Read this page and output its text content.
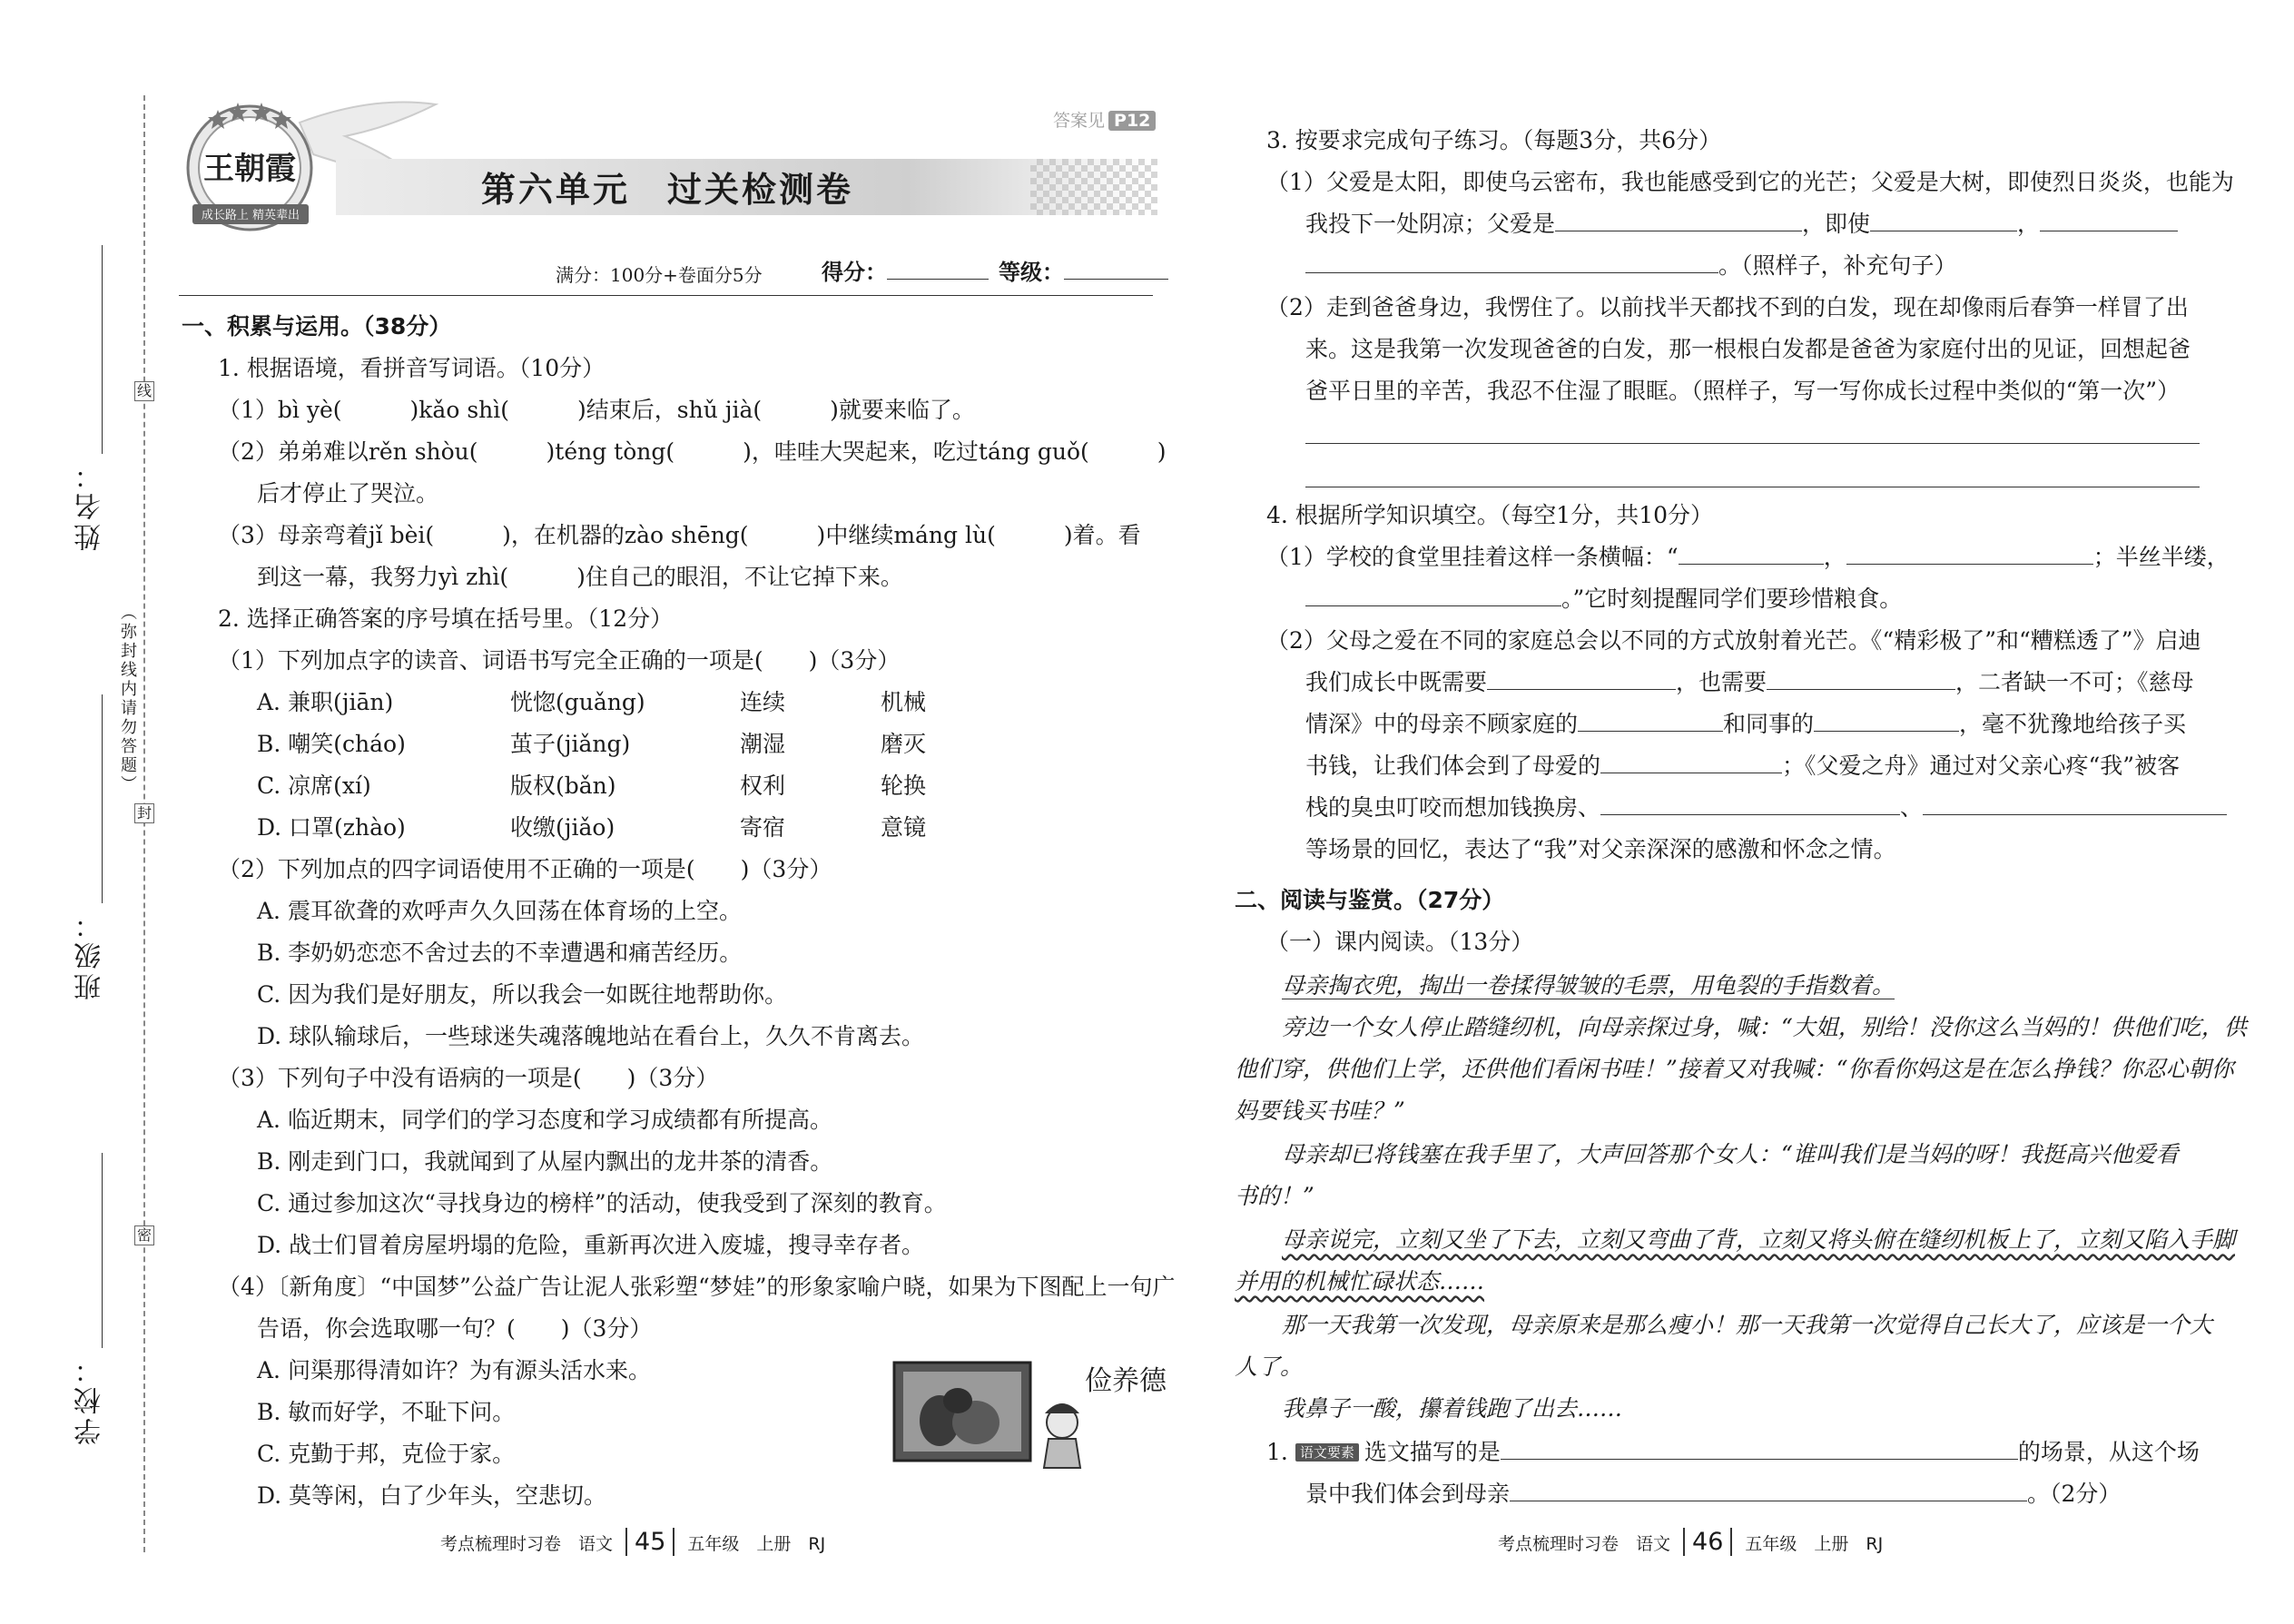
线
封
密
（弥封线内请勿答题）
姓名：
班级：
学校：
成长路上 精英辈出
王朝霞
答案见 P12
第六单元　过关检测卷
满分：100分+卷面分5分	得分：	等级：
一、积累与运用。（38分）
1. 根据语境，看拼音写词语。（10分）
（1）bì yè(　　　)kǎo shì(　　　)结束后，shǔ jià(　　　)就要来临了。
（2）弟弟难以rěn shòu(　　　)téng tòng(　　　)，哇哇大哭起来，吃过táng guǒ(　　　)
后才停止了哭泣。
（3）母亲弯着jǐ bèi(　　　)，在机器的zào shēng(　　　)中继续máng lù(　　　)着。看
到这一幕，我努力yì zhì(　　　)住自己的眼泪，不让它掉下来。
2. 选择正确答案的序号填在括号里。（12分）
（1）下列加点字的读音、词语书写完全正确的一项是(　　)（3分）
A. 兼职(jiān)	恍惚(guǎng)	连续	机械
B. 嘲笑(cháo)	茧子(jiǎng)	潮湿	磨灭
C. 凉席(xí)	版权(bǎn)	权利	轮换
D. 口罩(zhào)	收缴(jiǎo)	寄宿	意镜
（2）下列加点的四字词语使用不正确的一项是(　　)（3分）
A. 震耳欲聋的欢呼声久久回荡在体育场的上空。
B. 李奶奶恋恋不舍过去的不幸遭遇和痛苦经历。
C. 因为我们是好朋友，所以我会一如既往地帮助你。
D. 球队输球后，一些球迷失魂落魄地站在看台上，久久不肯离去。
（3）下列句子中没有语病的一项是(　　)（3分）
A. 临近期末，同学们的学习态度和学习成绩都有所提高。
B. 刚走到门口，我就闻到了从屋内飘出的龙井茶的清香。
C. 通过参加这次“寻找身边的榜样”的活动，使我受到了深刻的教育。
D. 战士们冒着房屋坍塌的危险，重新再次进入废墟，搜寻幸存者。
（4）〔新角度〕“中国梦”公益广告让泥人张彩塑“梦娃”的形象家喻户晓，如果为下图配上一句广
告语，你会选取哪一句？(　　)（3分）
A. 问渠那得清如许？为有源头活水来。
B. 敏而好学，不耻下问。
C. 克勤于邦，克俭于家。
D. 莫等闲，白了少年头，空悲切。
俭养德
考点梳理时习卷　语文 45 五年级　上册　RJ
3. 按要求完成句子练习。（每题3分，共6分）
（1）父爱是太阳，即使乌云密布，我也能感受到它的光芒；父爱是大树，即使烈日炎炎，也能为
我投下一处阴凉；父爱是	，即使	，
。（照样子，补充句子）
（2）走到爸爸身边，我愣住了。以前找半天都找不到的白发，现在却像雨后春笋一样冒了出
来。这是我第一次发现爸爸的白发，那一根根白发都是爸爸为家庭付出的见证，回想起爸
爸平日里的辛苦，我忍不住湿了眼眶。（照样子，写一写你成长过程中类似的“第一次”）
4. 根据所学知识填空。（每空1分，共10分）
（1）学校的食堂里挂着这样一条横幅：“	，	；半丝半缕，
。”它时刻提醒同学们要珍惜粮食。
（2）父母之爱在不同的家庭总会以不同的方式放射着光芒。《“精彩极了”和“糟糕透了”》启迪
我们成长中既需要	，也需要	，二者缺一不可；《慈母
情深》中的母亲不顾家庭的	和同事的	，毫不犹豫地给孩子买
书钱，让我们体会到了母爱的	；《父爱之舟》通过对父亲心疼“我”被客
栈的臭虫叮咬而想加钱换房、	、
等场景的回忆，表达了“我”对父亲深深的感激和怀念之情。
二、阅读与鉴赏。（27分）
（一）课内阅读。（13分）
母亲掏衣兜，掏出一卷揉得皱皱的毛票，用龟裂的手指数着。
旁边一个女人停止踏缝纫机，向母亲探过身，喊：“大姐，别给！没你这么当妈的！供他们吃，供
他们穿，供他们上学，还供他们看闲书哇！”接着又对我喊：“你看你妈这是在怎么挣钱？你忍心朝你
妈要钱买书哇？”
母亲却已将钱塞在我手里了，大声回答那个女人：“谁叫我们是当妈的呀！我挺高兴他爱看
书的！”
母亲说完，立刻又坐了下去，立刻又弯曲了背，立刻又将头俯在缝纫机板上了，立刻又陷入手脚
并用的机械忙碌状态……
那一天我第一次发现，母亲原来是那么瘦小！那一天我第一次觉得自己长大了，应该是一个大
人了。
我鼻子一酸，攥着钱跑了出去……
1. 语文要素 选文描写的是	的场景，从这个场
景中我们体会到母亲	。（2分）
考点梳理时习卷　语文 46 五年级　上册　RJ
